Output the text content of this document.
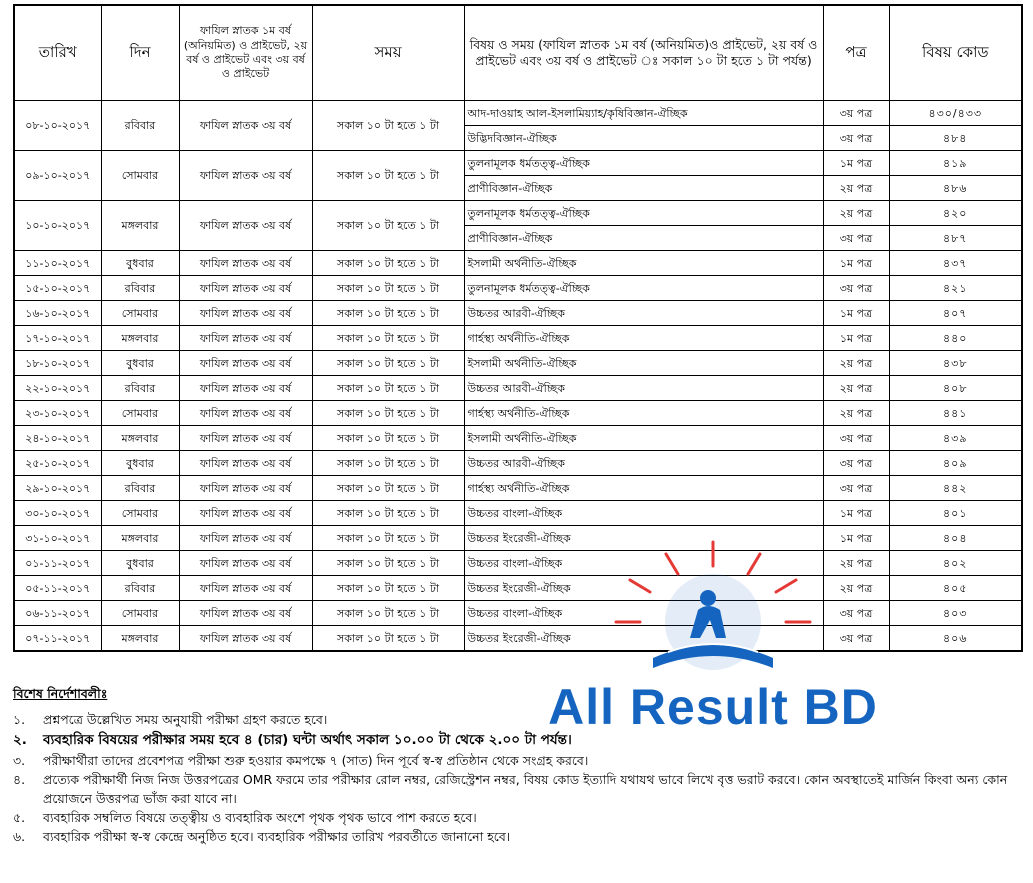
তারিখ	দিন	ফাযিল স্নাতক ১ম বর্ষ (অনিয়মিত) ও প্রাইভেট, ২য় বর্ষ ও প্রাইভেট এবং ৩য় বর্ষ ও প্রাইভেট	সময়	বিষয় ও সময় (ফাযিল স্নাতক ১ম বর্ষ (অনিয়মিত)ও প্রাইভেট, ২য় বর্ষ ও প্রাইভেট এবং ৩য় বর্ষ ও প্রাইভেট ঃ সকাল ১০ টা হতে ১ টা পর্যন্ত)	পত্র	বিষয় কোড
০৮-১০-২০১৭	রবিবার	ফাযিল স্নাতক ৩য় বর্ষ	সকাল ১০ টা হতে ১ টা	আদ-দাওয়াহ আল-ইসলামিয়্যাহ/কৃষিবিজ্ঞান-ঐচ্ছিক	৩য় পত্র	৪৩০/৪৩৩
				উদ্ভিদবিজ্ঞান-ঐচ্ছিক	৩য় পত্র	৪৮৪
০৯-১০-২০১৭	সোমবার	ফাযিল স্নাতক ৩য় বর্ষ	সকাল ১০ টা হতে ১ টা	তুলনামূলক ধর্মতত্ত্ব-ঐচ্ছিক	১ম পত্র	৪১৯
				প্রাণীবিজ্ঞান-ঐচ্ছিক	২য় পত্র	৪৮৬
১০-১০-২০১৭	মঙ্গলবার	ফাযিল স্নাতক ৩য় বর্ষ	সকাল ১০ টা হতে ১ টা	তুলনামূলক ধর্মতত্ত্ব-ঐচ্ছিক	২য় পত্র	৪২০
				প্রাণীবিজ্ঞান-ঐচ্ছিক	৩য় পত্র	৪৮৭
১১-১০-২০১৭	বুধবার	ফাযিল স্নাতক ৩য় বর্ষ	সকাল ১০ টা হতে ১ টা	ইসলামী অর্থনীতি-ঐচ্ছিক	১ম পত্র	৪৩৭
১৫-১০-২০১৭	রবিবার	ফাযিল স্নাতক ৩য় বর্ষ	সকাল ১০ টা হতে ১ টা	তুলনামূলক ধর্মতত্ত্ব-ঐচ্ছিক	৩য় পত্র	৪২১
১৬-১০-২০১৭	সোমবার	ফাযিল স্নাতক ৩য় বর্ষ	সকাল ১০ টা হতে ১ টা	উচ্চতর আরবী-ঐচ্ছিক	১ম পত্র	৪০৭
১৭-১০-২০১৭	মঙ্গলবার	ফাযিল স্নাতক ৩য় বর্ষ	সকাল ১০ টা হতে ১ টা	গার্হস্থ্য অর্থনীতি-ঐচ্ছিক	১ম পত্র	৪৪০
১৮-১০-২০১৭	বুধবার	ফাযিল স্নাতক ৩য় বর্ষ	সকাল ১০ টা হতে ১ টা	ইসলামী অর্থনীতি-ঐচ্ছিক	২য় পত্র	৪৩৮
২২-১০-২০১৭	রবিবার	ফাযিল স্নাতক ৩য় বর্ষ	সকাল ১০ টা হতে ১ টা	উচ্চতর আরবী-ঐচ্ছিক	২য় পত্র	৪০৮
২৩-১০-২০১৭	সোমবার	ফাযিল স্নাতক ৩য় বর্ষ	সকাল ১০ টা হতে ১ টা	গার্হস্থ্য অর্থনীতি-ঐচ্ছিক	২য় পত্র	৪৪১
২৪-১০-২০১৭	মঙ্গলবার	ফাযিল স্নাতক ৩য় বর্ষ	সকাল ১০ টা হতে ১ টা	ইসলামী অর্থনীতি-ঐচ্ছিক	৩য় পত্র	৪৩৯
২৫-১০-২০১৭	বুধবার	ফাযিল স্নাতক ৩য় বর্ষ	সকাল ১০ টা হতে ১ টা	উচ্চতর আরবী-ঐচ্ছিক	৩য় পত্র	৪০৯
২৯-১০-২০১৭	রবিবার	ফাযিল স্নাতক ৩য় বর্ষ	সকাল ১০ টা হতে ১ টা	গার্হস্থ্য অর্থনীতি-ঐচ্ছিক	৩য় পত্র	৪৪২
৩০-১০-২০১৭	সোমবার	ফাযিল স্নাতক ৩য় বর্ষ	সকাল ১০ টা হতে ১ টা	উচ্চতর বাংলা-ঐচ্ছিক	১ম পত্র	৪০১
৩১-১০-২০১৭	মঙ্গলবার	ফাযিল স্নাতক ৩য় বর্ষ	সকাল ১০ টা হতে ১ টা	উচ্চতর ইংরেজী-ঐচ্ছিক	১ম পত্র	৪০৪
০১-১১-২০১৭	বুধবার	ফাযিল স্নাতক ৩য় বর্ষ	সকাল ১০ টা হতে ১ টা	উচ্চতর বাংলা-ঐচ্ছিক	২য় পত্র	৪০২
০৫-১১-২০১৭	রবিবার	ফাযিল স্নাতক ৩য় বর্ষ	সকাল ১০ টা হতে ১ টা	উচ্চতর ইংরেজী-ঐচ্ছিক	২য় পত্র	৪০৫
০৬-১১-২০১৭	সোমবার	ফাযিল স্নাতক ৩য় বর্ষ	সকাল ১০ টা হতে ১ টা	উচ্চতর বাংলা-ঐচ্ছিক	৩য় পত্র	৪০৩
০৭-১১-২০১৭	মঙ্গলবার	ফাযিল স্নাতক ৩য় বর্ষ	সকাল ১০ টা হতে ১ টা	উচ্চতর ইংরেজী-ঐচ্ছিক	৩য় পত্র	৪০৬
বিশেষ নির্দেশাবলীঃ
১.	প্রশ্নপত্রে উল্লেখিত সময় অনুযায়ী পরীক্ষা গ্রহণ করতে হবে।
২.	ব্যবহারিক বিষয়ের পরীক্ষার সময় হবে ৪ (চার) ঘন্টা অর্থাৎ সকাল ১০.০০ টা থেকে ২.০০ টা পর্যন্ত।
৩.	পরীক্ষার্থীরা তাদের প্রবেশপত্র পরীক্ষা শুরু হওয়ার কমপক্ষে ৭ (সাত) দিন পূর্বে স্ব-স্ব প্রতিষ্ঠান থেকে সংগ্রহ করবে।
৪.	প্রত্যেক পরীক্ষার্থী নিজ নিজ উত্তরপত্রের OMR ফরমে তার পরীক্ষার রোল নম্বর, রেজিস্ট্রেশন নম্বর, বিষয় কোড ইত্যাদি যথাযথ ভাবে লিখে বৃত্ত ভরাট করবে। কোন অবস্থাতেই মার্জিন কিংবা অন্য কোন প্রয়োজনে উত্তরপত্র ভাঁজ করা যাবে না।
৫.	ব্যবহারিক সম্বলিত বিষয়ে তত্ত্বীয় ও ব্যবহারিক অংশে পৃথক পৃথক ভাবে পাশ করতে হবে।
৬.	ব্যবহারিক পরীক্ষা স্ব-স্ব কেন্দ্রে অনুষ্ঠিত হবে। ব্যবহারিক পরীক্ষার তারিখ পরবর্তীতে জানানো হবে।
All Result BD
